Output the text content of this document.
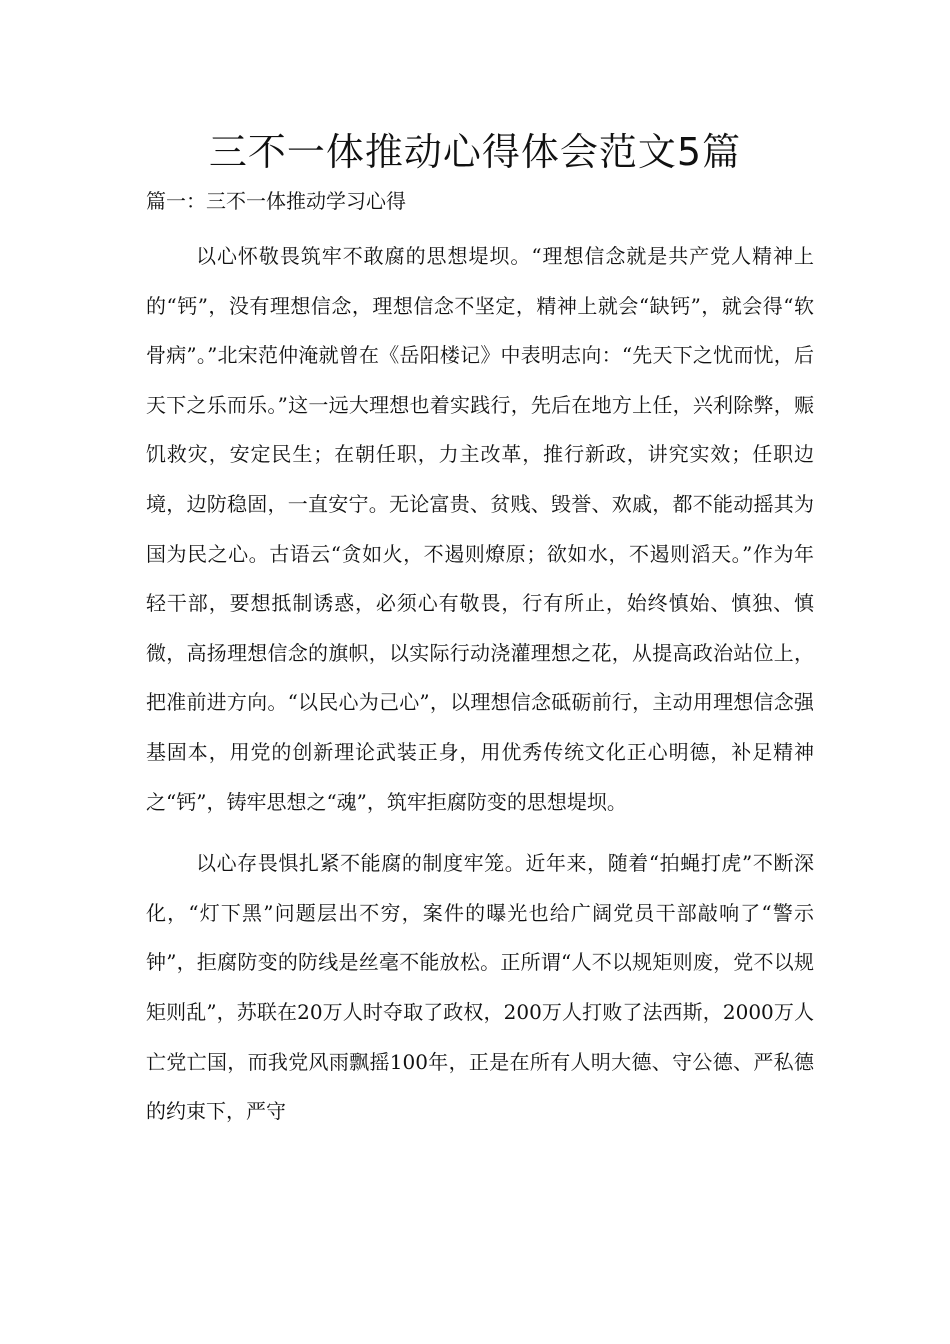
三不一体推动心得体会范文5篇

篇一：三不一体推动学习心得

以心怀敬畏筑牢不敢腐的思想堤坝。“理想信念就是共产党人精神上的“钙”，没有理想信念，理想信念不坚定，精神上就会“缺钙”，就会得“软骨病”。”北宋范仲淹就曾在《岳阳楼记》中表明志向：“先天下之忧而忧，后天下之乐而乐。”这一远大理想也着实践行，先后在地方上任，兴利除弊，赈饥救灾，安定民生；在朝任职，力主改革，推行新政，讲究实效；任职边境，边防稳固，一直安宁。无论富贵、贫贱、毁誉、欢戚，都不能动摇其为国为民之心。古语云“贪如火，不遏则燎原；欲如水，不遏则滔天。”作为年轻干部，要想抵制诱惑，必须心有敬畏，行有所止，始终慎始、慎独、慎微，高扬理想信念的旗帜，以实际行动浇灌理想之花，从提高政治站位上，把准前进方向。“以民心为己心”，以理想信念砥砺前行，主动用理想信念强基固本，用党的创新理论武装正身，用优秀传统文化正心明德，补足精神之“钙”，铸牢思想之“魂”，筑牢拒腐防变的思想堤坝。

以心存畏惧扎紧不能腐的制度牢笼。近年来，随着“拍蝇打虎”不断深化，“灯下黑”问题层出不穷，案件的曝光也给广阔党员干部敲响了“警示钟”，拒腐防变的防线是丝毫不能放松。正所谓“人不以规矩则废，党不以规矩则乱”，苏联在20万人时夺取了政权，200万人打败了法西斯，2000万人亡党亡国，而我党风雨飘摇100年，正是在所有人明大德、守公德、严私德的约束下，严守
